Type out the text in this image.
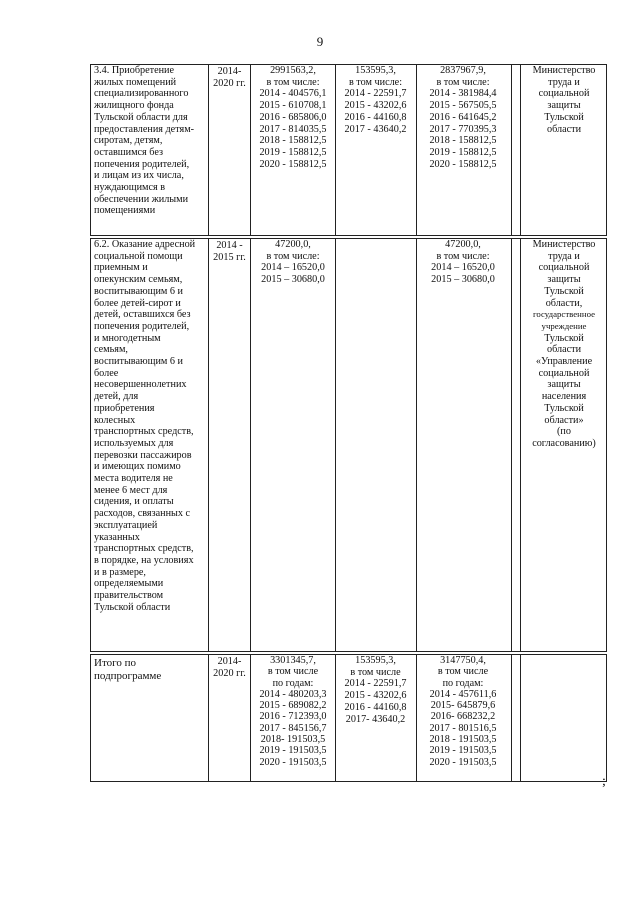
9
3.4. Приобретение
жилых помещений
специализированного
жилищного фонда
Тульской области для
предоставления детям-
сиротам, детям,
оставшимся без
попечения родителей,
и лицам из их числа,
нуждающимся в
обеспечении жилыми
помещениями
2014-
2020 гг.
2991563,2,
в том числе:
2014 - 404576,1
2015 - 610708,1
2016 - 685806,0
2017 - 814035,5
2018 - 158812,5
2019 - 158812,5
2020 - 158812,5
153595,3,
в том числе:
2014 - 22591,7
2015 - 43202,6
2016 - 44160,8
2017 - 43640,2
2837967,9,
в том числе:
2014 - 381984,4
2015 - 567505,5
2016 - 641645,2
2017 - 770395,3
2018 - 158812,5
2019 - 158812,5
2020 - 158812,5
Министерство
труда и
социальной
защиты
Тульской
области
6.2. Оказание адресной
социальной помощи
приемным и
опекунским семьям,
воспитывающим 6 и
более детей-сирот и
детей, оставшихся без
попечения родителей,
и многодетным
семьям,
воспитывающим 6 и
более
несовершеннолетних
детей, для
приобретения
колесных
транспортных средств,
используемых для
перевозки пассажиров
и имеющих помимо
места водителя не
менее 6 мест для
сидения, и оплаты
расходов, связанных с
эксплуатацией
указанных
транспортных средств,
в порядке, на условиях
и в размере,
определяемыми
правительством
Тульской области
2014 -
2015 гг.
47200,0,
в том числе:
2014 – 16520,0
2015 – 30680,0
47200,0,
в том числе:
2014 – 16520,0
2015 – 30680,0
Министерство
труда и
социальной
защиты
Тульской
области,
государственное
учреждение
Тульской
области
«Управление
социальной
защиты
населения
Тульской
области»
(по
согласованию)
Итого по
подпрограмме
2014-
2020 гг.
3301345,7,
в том числе
по годам:
2014 - 480203,3
2015 - 689082,2
2016 - 712393,0
2017 - 845156,7
2018- 191503,5
2019 - 191503,5
2020 - 191503,5
153595,3,
в том числе
2014 - 22591,7
2015 - 43202,6
2016 - 44160,8
2017- 43640,2
3147750,4,
в том числе
по годам:
2014 - 457611,6
2015- 645879,6
2016- 668232,2
2017 - 801516,5
2018 - 191503,5
2019 - 191503,5
2020 - 191503,5
;
